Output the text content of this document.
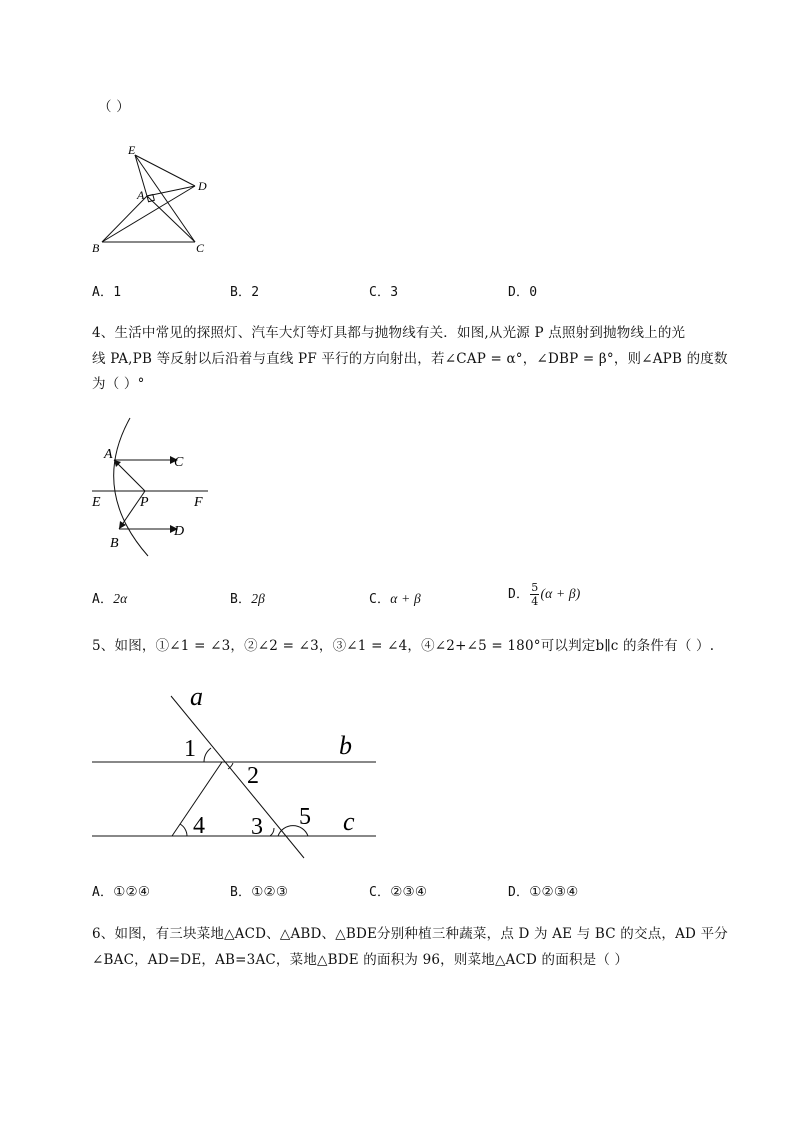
（ ）
E
A
D
B	C
A．1	B．2	C．3	D．0
4、生活中常见的探照灯、汽车大灯等灯具都与抛物线有关．如图,从光源 P 点照射到抛物线上的光
线 PA,PB 等反射以后沿着与直线 PF 平行的方向射出，若∠CAP = α°，∠DBP = β°，则∠APB 的度数
为（ ）°
A
C
E	P	F
B
D
A．2α	B．2β	C．α + β	D． $\frac{5}{4} (\alpha + \beta)$
5、如图，①∠1 = ∠3，②∠2 = ∠3，③∠1 = ∠4，④∠2+∠5 = 180°可以判定b∥c 的条件有（ ）.
a
b
c
1
2
3
4	5
A．①②④	B．①②③	C．②③④	D．①②③④
6、如图，有三块菜地△ACD、△ABD、△BDE分别种植三种蔬菜，点 D 为 AE 与 BC 的交点，AD 平分
∠BAC，AD=DE，AB=3AC，菜地△BDE 的面积为 96，则菜地△ACD 的面积是（ ）
